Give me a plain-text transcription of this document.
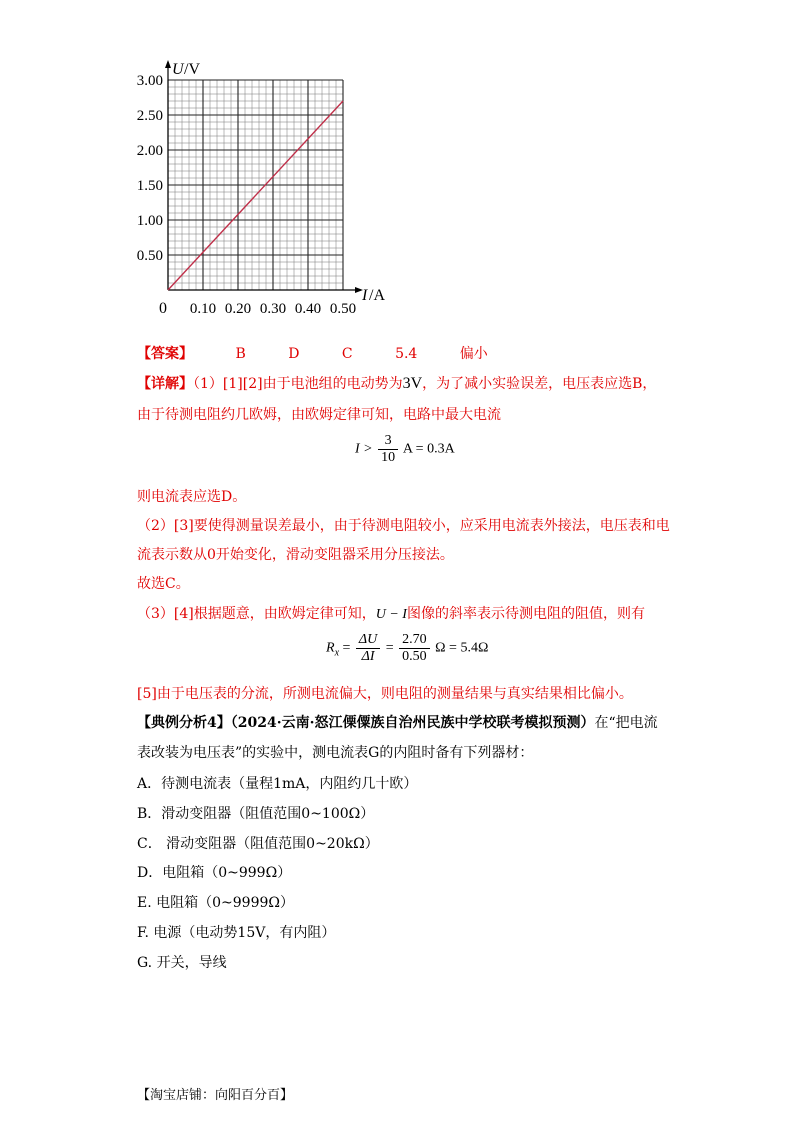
3.00
2.50
2.00
1.50
1.00
0.50
0.10 0.20 0.30 0.40 0.50
U /V
I /A
0
【答案】	B	D	C	5.4	偏小
【详解】（1）[1][2]由于电池组的电动势为3V，为了减小实验误差，电压表应选B，
由于待测电阻约几欧姆，由欧姆定律可知，电路中最大电流
$I > \frac{3}{10}$ A = 0.3A
则电流表应选D。
（2）[3]要使得测量误差最小，由于待测电阻较小，应采用电流表外接法，电压表和电
流表示数从0开始变化，滑动变阻器采用分压接法。
故选C。
（3）[4]根据题意，由欧姆定律可知，U − I图像的斜率表示待测电阻的阻值，则有
$R_x = \frac{\Delta U}{\Delta I} = \frac{2.70}{0.50}$ Ω = 5.4Ω
[5]由于电压表的分流，所测电流偏大，则电阻的测量结果与真实结果相比偏小。
【典例分析4】（2024·云南·怒江傈僳族自治州民族中学校联考模拟预测）在“把电流
表改装为电压表”的实验中，测电流表G的内阻时备有下列器材：
A．待测电流表（量程1mA，内阻约几十欧）
B．滑动变阻器（阻值范围0~100Ω）
C． 滑动变阻器（阻值范围0~20kΩ）
D．电阻箱（0~999Ω）
E. 电阻箱（0~9999Ω）
F. 电源（电动势15V，有内阻）
G. 开关，导线
【淘宝店铺：向阳百分百】
